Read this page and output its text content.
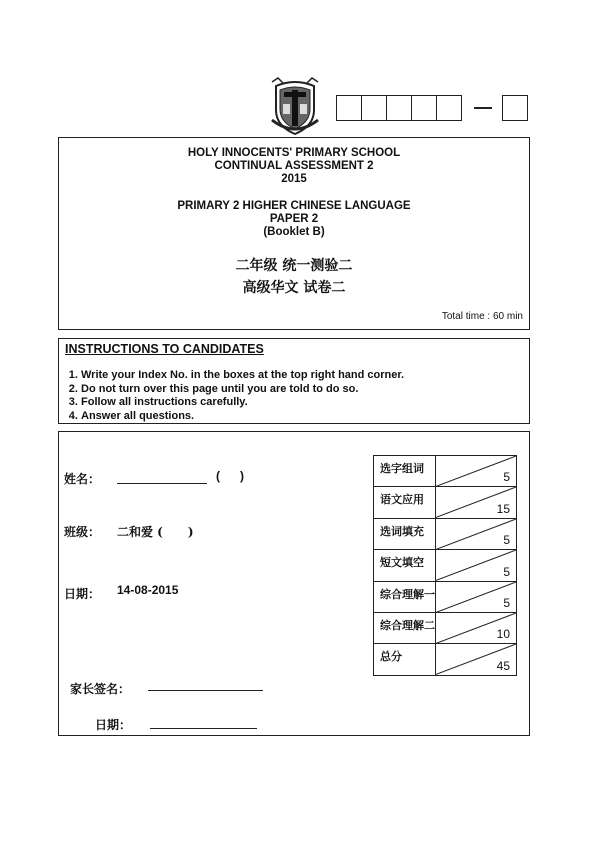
HOLY INNOCENTS' PRIMARY SCHOOL
CONTINUAL ASSESSMENT 2
2015
PRIMARY 2 HIGHER CHINESE LANGUAGE
PAPER 2
(Booklet B)
二年级 统一测验二
高级华文 试卷二
Total time : 60 min
INSTRUCTIONS TO CANDIDATES
1. Write your Index No. in the boxes at the top right hand corner.
2. Do not turn over this page until you are told to do so.
3. Follow all instructions carefully.
4. Answer all questions.
姓名：	(      )
班级： 二和爱 (      )
日期： 14-08-2015
家长签名：
日期：
选字组词	5

语文应用	15

选词填充	5

短文填空	5

综合理解一	5

综合理解二	10

总分	45
